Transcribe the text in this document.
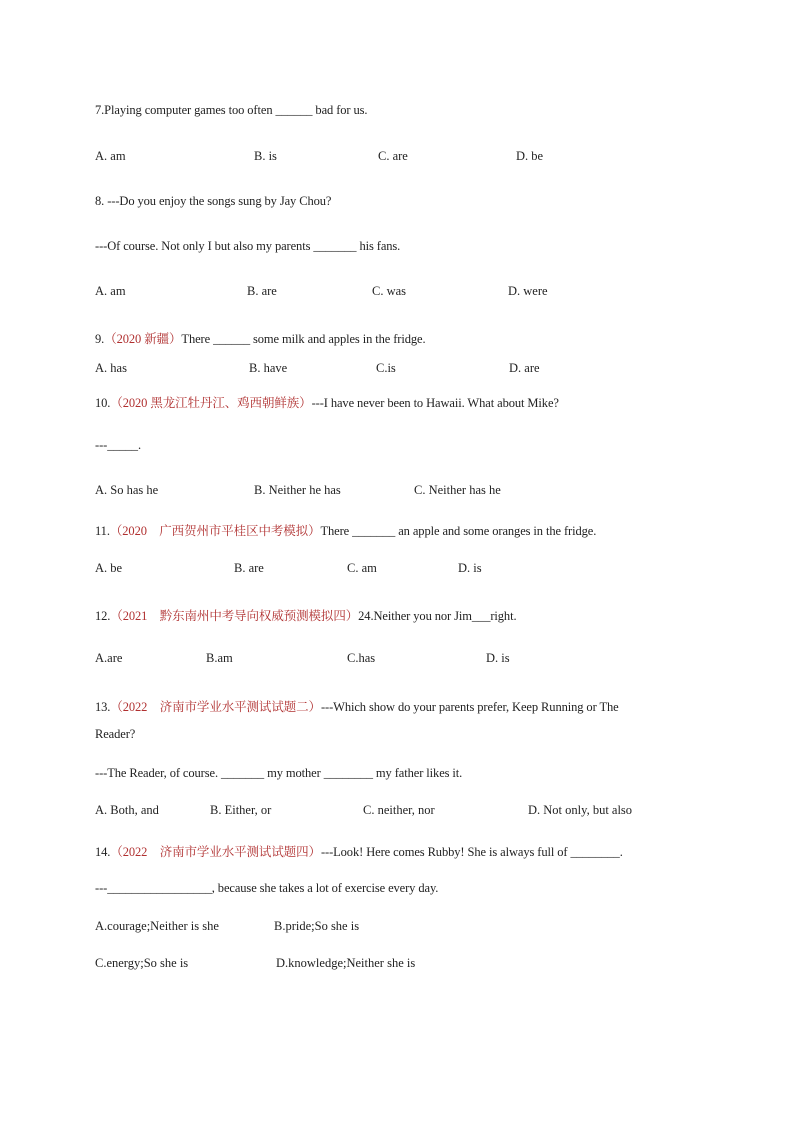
7.Playing computer games too often ______ bad for us.
A. am	B. is	C. are	D. be
8. ---Do you enjoy the songs sung by Jay Chou?
---Of course. Not only I but also my parents _______ his fans.
A. am	B. are	C. was	D. were
9.（2020 新疆）There ______ some milk and apples in the fridge.
A. has	B. have	C.is	D. are
10.（2020 黑龙江牡丹江、鸡西朝鲜族）---I have never been to Hawaii. What about Mike?
---_____.
A. So has he	B. Neither he has	C. Neither has he
11.（2020　广西贺州市平桂区中考模拟）There _______ an apple and some oranges in the fridge.
A. be	B. are	C. am	D. is
12.（2021　黔东南州中考导向权威预测模拟四）24.Neither you nor Jim___right.
A.are	B.am	C.has	D. is
13.（2022　济南市学业水平测试试题二）---Which show do your parents prefer, Keep Running or The
Reader?
---The Reader, of course. _______ my mother ________ my father likes it.
A. Both, and	B. Either, or	C. neither, nor	D. Not only, but also
14.（2022　济南市学业水平测试试题四）---Look! Here comes Rubby! She is always full of ________.
---_________________, because she takes a lot of exercise every day.
A.courage;Neither is she	B.pride;So she is
C.energy;So she is	D.knowledge;Neither she is
